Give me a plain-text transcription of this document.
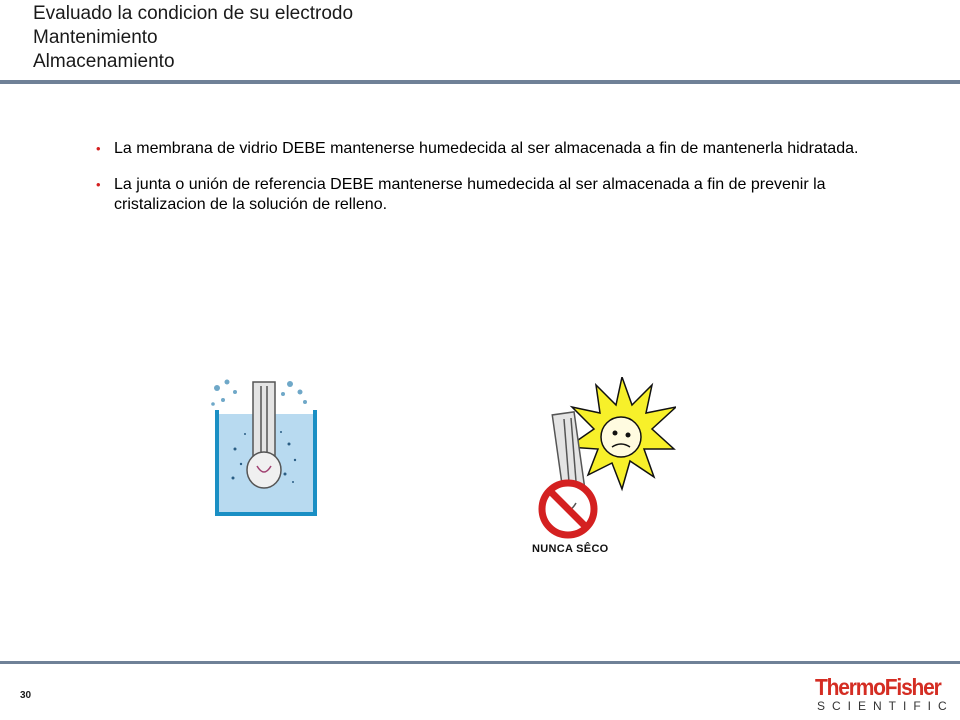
Evaluado la condicion de su electrodo
Mantenimiento
Almacenamiento
• La membrana de vidrio DEBE mantenerse humedecida al ser almacenada a fin de mantenerla hidratada.
• La junta o unión de referencia DEBE mantenerse humedecida al ser almacenada a fin de prevenir la cristalizacion de la solución de relleno.
NUNCA SÊCO
30	ThermoFisher
SCIENTIFIC
